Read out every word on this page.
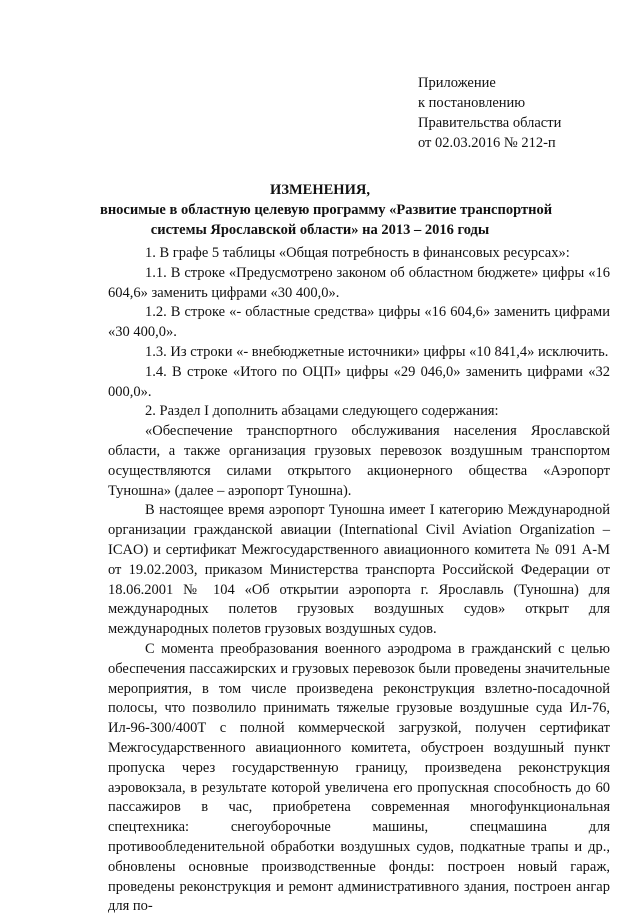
Приложение
к постановлению
Правительства области
от 02.03.2016 № 212-п
ИЗМЕНЕНИЯ,
вносимые в областную целевую программу «Развитие транспортной
системы Ярославской области» на 2013 – 2016 годы

1. В графе 5 таблицы «Общая потребность в финансовых ресурсах»:

1.1. В строке «Предусмотрено законом об областном бюджете» цифры «16 604,6» заменить цифрами «30 400,0».

1.2. В строке «- областные средства» цифры «16 604,6» заменить цифрами «30 400,0».

1.3. Из строки «- внебюджетные источники» цифры «10 841,4» исключить.

1.4. В строке «Итого по ОЦП» цифры «29 046,0» заменить цифрами «32 000,0».

2. Раздел I дополнить абзацами следующего содержания:

«Обеспечение транспортного обслуживания населения Ярославской области, а также организация грузовых перевозок воздушным транспортом осуществляются силами открытого акционерного общества «Аэропорт Туношна» (далее – аэропорт Туношна).

В настоящее время аэропорт Туношна имеет I категорию Международной организации гражданской авиации (International Civil Aviation Organization – ICAO) и сертификат Межгосударственного авиационного комитета № 091 А-М от 19.02.2003, приказом Министерства транспорта Российской Федерации от 18.06.2001 № 104 «Об открытии аэропорта г. Ярославль (Туношна) для международных полетов грузовых воздушных судов» открыт для международных полетов грузовых воздушных судов.

С момента преобразования военного аэродрома в гражданский с целью обеспечения пассажирских и грузовых перевозок были проведены значительные мероприятия, в том числе произведена реконструкция взлетно-посадочной полосы, что позволило принимать тяжелые грузовые воздушные суда Ил-76, Ил-96-300/400Т с полной коммерческой загрузкой, получен сертификат Межгосударственного авиационного комитета, обустроен воздушный пункт пропуска через государственную границу, произведена реконструкция аэровокзала, в результате которой увеличена его пропускная способность до 60 пассажиров в час, приобретена современная многофункциональная спецтехника: снегоуборочные машины, спецмашина для противообледенительной обработки воздушных судов, подкатные трапы и др., обновлены основные производственные фонды: построен новый гараж, проведены реконструкция и ремонт административного здания, построен ангар для по-
